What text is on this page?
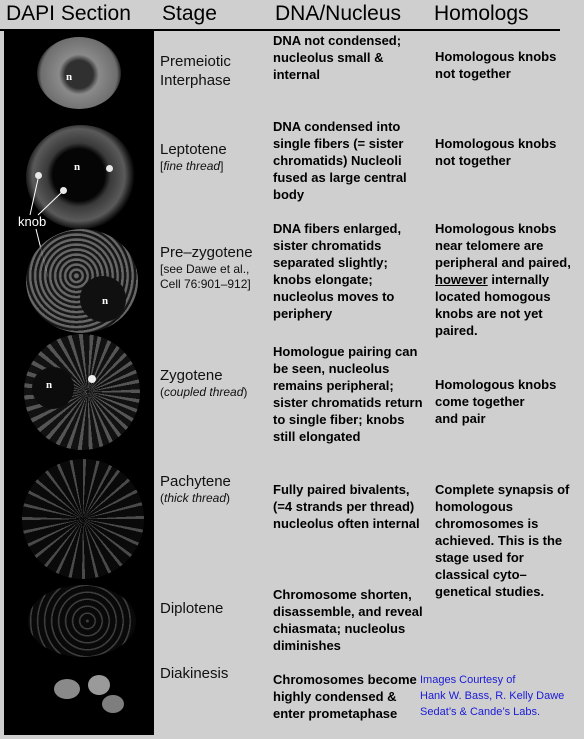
DAPI Section Stage	DNA/Nucleus Homologs
n
n
knob
n
n
Premeiotic
Interphase
DNA not condensed; nucleolus small & internal
Homologous knobs not together
Leptotene
[fine thread]
DNA condensed into single fibers (= sister chromatids) Nucleoli fused as large central body
Homologous knobs not together
Pre–zygotene
[see Dawe et al., Cell 76:901–912]
DNA fibers enlarged, sister chromatids separated slightly; knobs elongate; nucleolus moves to periphery
Homologous knobs near telomere are peripheral and paired, however internally located homogous knobs are not yet paired.
Zygotene
(coupled thread)
Homologue pairing can be seen, nucleolus remains peripheral; sister chromatids return to single fiber; knobs still elongated
Homologous knobs
come together
and pair
Pachytene
(thick thread)
Fully paired bivalents, (=4 strands per thread) nucleolus often internal
Complete synapsis of homologous chromosomes is achieved. This is the stage used for classical cyto–genetical studies.
Diplotene
Chromosome shorten, disassemble, and reveal chiasmata; nucleolus diminishes
Diakinesis	Chromosomes become highly condensed & enter prometaphase
Images Courtesy of
Hank W. Bass, R. Kelly Dawe
Sedat’s & Cande’s Labs.
